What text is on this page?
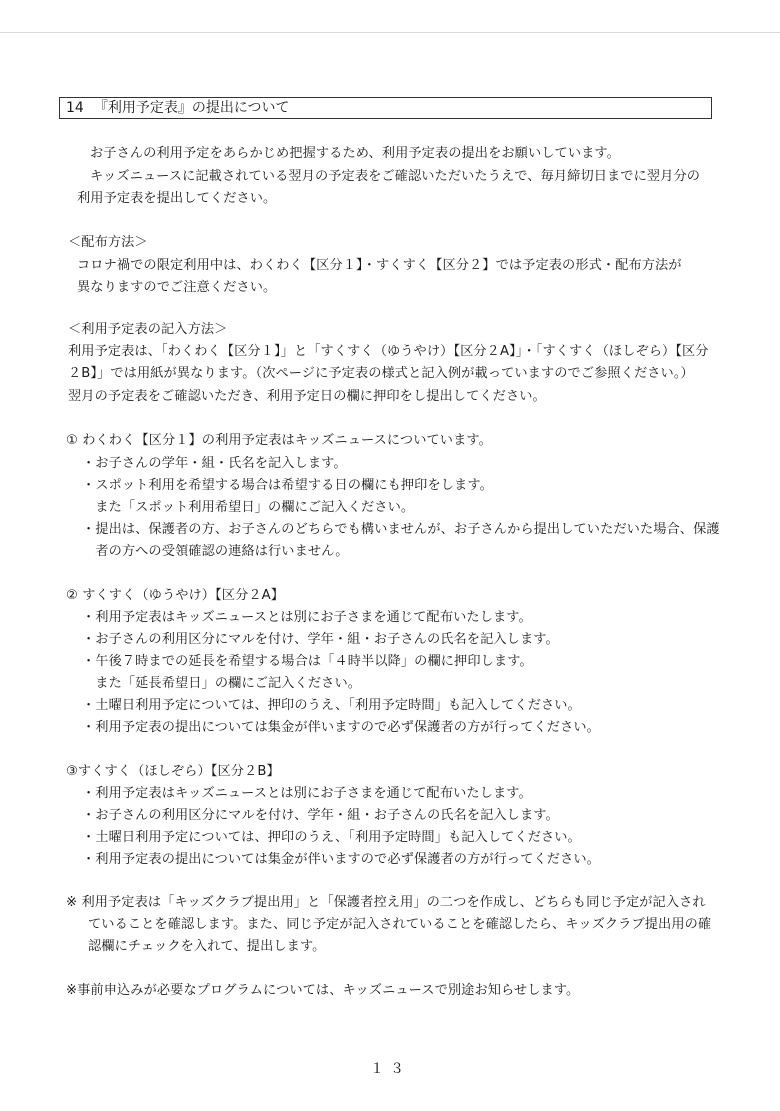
14 『利用予定表』の提出について
お子さんの利用予定をあらかじめ把握するため、利用予定表の提出をお願いしています。
キッズニュースに記載されている翌月の予定表をご確認いただいたうえで、毎月締切日までに翌月分の
利用予定表を提出してください。
＜配布方法＞
コロナ禍での限定利用中は、わくわく【区分１】・すくすく【区分２】では予定表の形式・配布方法が
異なりますのでご注意ください。
＜利用予定表の記入方法＞
利用予定表は、「わくわく【区分１】」と「すくすく（ゆうやけ）【区分２A】」・「すくすく（ほしぞら）【区分
２B】」では用紙が異なります。（次ページに予定表の様式と記入例が載っていますのでご参照ください。）
翌月の予定表をご確認いただき、利用予定日の欄に押印をし提出してください。
① わくわく【区分１】の利用予定表はキッズニュースについています。
・お子さんの学年・組・氏名を記入します。
・スポット利用を希望する場合は希望する日の欄にも押印をします。
　また「スポット利用希望日」の欄にご記入ください。
・提出は、保護者の方、お子さんのどちらでも構いませんが、お子さんから提出していただいた場合、保護
　者の方への受領確認の連絡は行いません。
② すくすく（ゆうやけ）【区分２A】
・利用予定表はキッズニュースとは別にお子さまを通じて配布いたします。
・お子さんの利用区分にマルを付け、学年・組・お子さんの氏名を記入します。
・午後７時までの延長を希望する場合は「４時半以降」の欄に押印します。
　また「延長希望日」の欄にご記入ください。
・土曜日利用予定については、押印のうえ、「利用予定時間」も記入してください。
・利用予定表の提出については集金が伴いますので必ず保護者の方が行ってください。
③すくすく（ほしぞら）【区分２B】
・利用予定表はキッズニュースとは別にお子さまを通じて配布いたします。
・お子さんの利用区分にマルを付け、学年・組・お子さんの氏名を記入します。
・土曜日利用予定については、押印のうえ、「利用予定時間」も記入してください。
・利用予定表の提出については集金が伴いますので必ず保護者の方が行ってください。
※ 利用予定表は「キッズクラブ提出用」と「保護者控え用」の二つを作成し、どちらも同じ予定が記入され
ていることを確認します。また、同じ予定が記入されていることを確認したら、キッズクラブ提出用の確
認欄にチェックを入れて、提出します。
※事前申込みが必要なプログラムについては、キッズニュースで別途お知らせします。
１３
